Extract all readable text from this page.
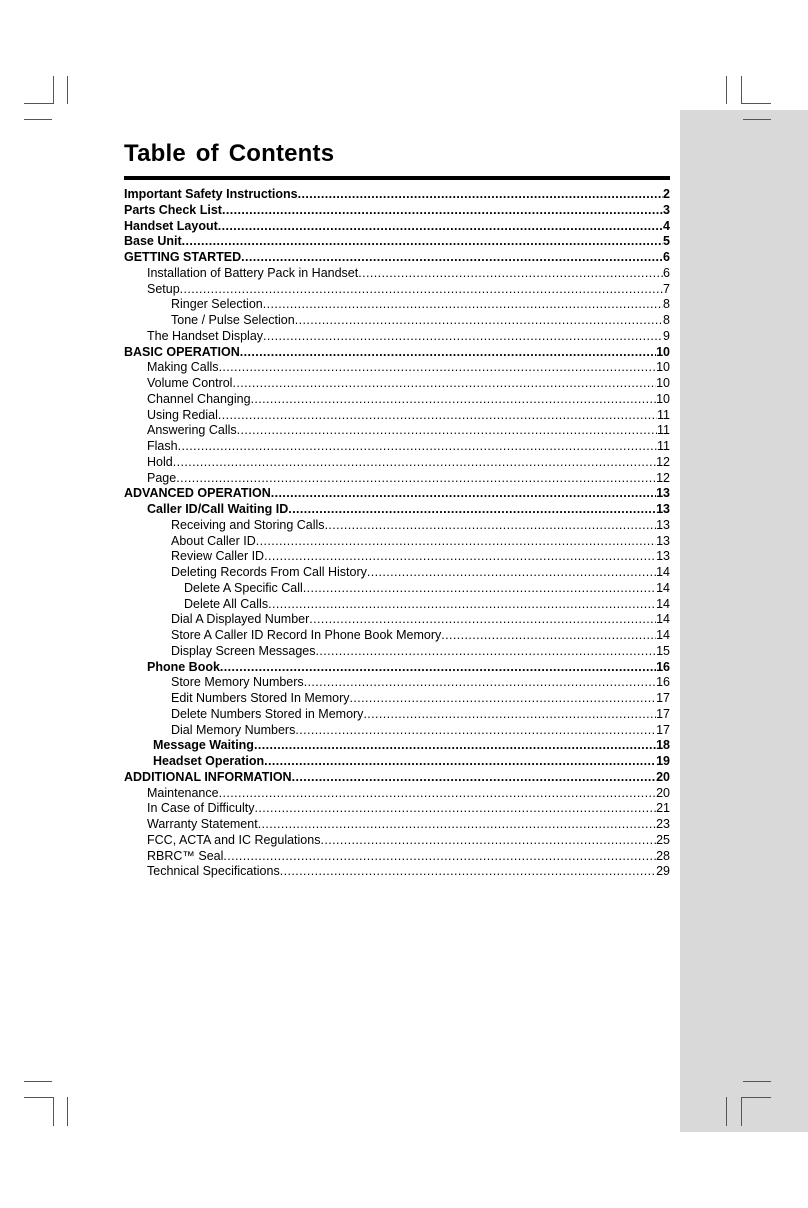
Table of Contents
Important Safety Instructions .....	2
Parts Check List .....	3
Handset Layout .....	4
Base Unit .....	5
GETTING STARTED .....	6
Installation of Battery Pack in Handset .....	6
Setup .....	7
Ringer Selection .....	8
Tone / Pulse Selection .....	8
The Handset Display .....	9
BASIC OPERATION .....	10
Making Calls .....	10
Volume Control .....	10
Channel Changing .....	10
Using Redial .....	11
Answering Calls .....	11
Flash .....	11
Hold .....	12
Page .....	12
ADVANCED OPERATION .....	13
Caller ID/Call Waiting ID .....	13
Receiving and Storing Calls .....	13
About Caller ID .....	13
Review Caller ID .....	13
Deleting Records From Call History .....	14
Delete A Specific Call .....	14
Delete All Calls .....	14
Dial A Displayed Number .....	14
Store A Caller ID Record In Phone Book Memory .....	14
Display Screen Messages .....	15
Phone Book .....	16
Store Memory Numbers .....	16
Edit Numbers Stored In Memory .....	17
Delete Numbers Stored in Memory .....	17
Dial Memory Numbers .....	17
Message Waiting .....	18
Headset Operation .....	19
ADDITIONAL INFORMATION .....	20
Maintenance .....	20
In Case of Difficulty .....	21
Warranty Statement .....	23
FCC, ACTA and IC Regulations .....	25
RBRC™ Seal .....	28
Technical Specifications .....	29
